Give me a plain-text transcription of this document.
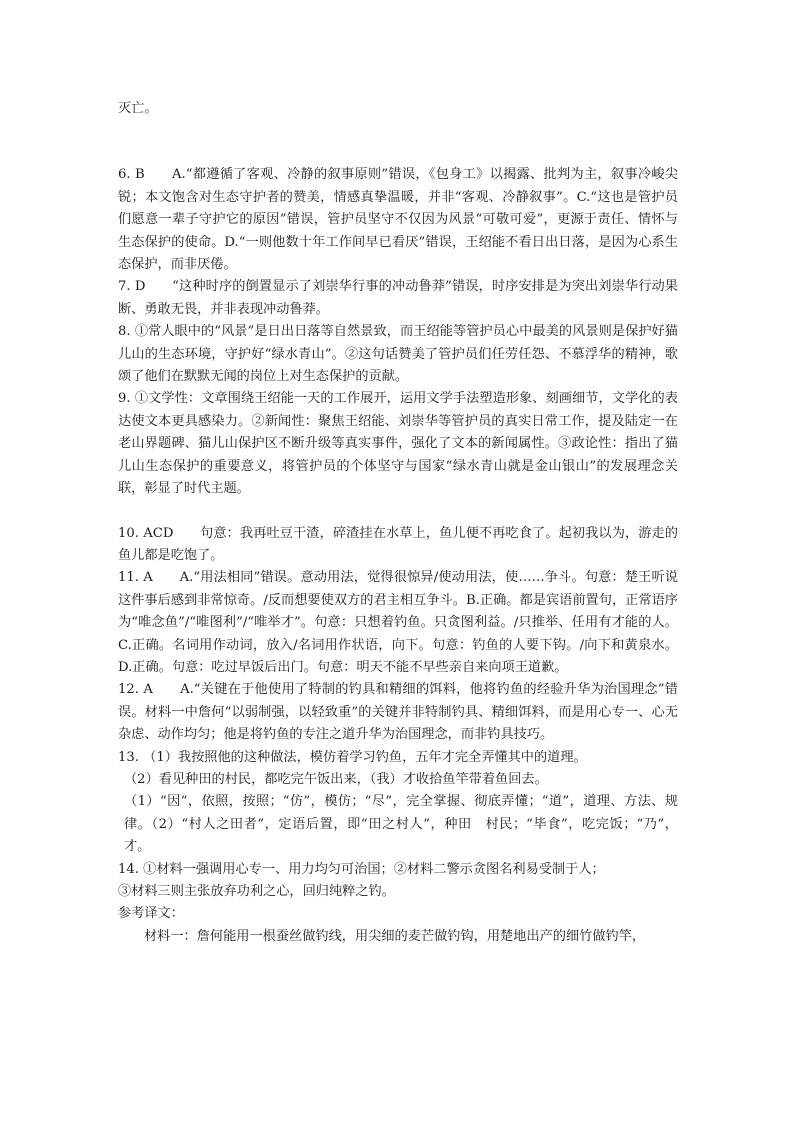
灭亡。

6. B　　A.“都遵循了客观、冷静的叙事原则”错误，《包身工》以揭露、批判为主，叙事冷峻尖锐；本文饱含对生态守护者的赞美，情感真挚温暖，并非“客观、冷静叙事”。C.“这也是管护员们愿意一辈子守护它的原因”错误，管护员坚守不仅因为风景“可敬可爱”，更源于责任、情怀与生态保护的使命。D.“一则他数十年工作间早已看厌”错误，王绍能不看日出日落，是因为心系生态保护，而非厌倦。

7. D　　“这种时序的倒置显示了刘崇华行事的冲动鲁莽”错误，时序安排是为突出刘崇华行动果断、勇敢无畏，并非表现冲动鲁莽。

8. ①常人眼中的“风景”是日出日落等自然景致，而王绍能等管护员心中最美的风景则是保护好猫儿山的生态环境，守护好“绿水青山”。②这句话赞美了管护员们任劳任怨、不慕浮华的精神，歌颂了他们在默默无闻的岗位上对生态保护的贡献。

9. ①文学性：文章围绕王绍能一天的工作展开，运用文学手法塑造形象、刻画细节，文学化的表达使文本更具感染力。②新闻性：聚焦王绍能、刘崇华等管护员的真实日常工作，提及陆定一在老山界题碑、猫儿山保护区不断升级等真实事件，强化了文本的新闻属性。③政论性：指出了猫儿山生态保护的重要意义，将管护员的个体坚守与国家“绿水青山就是金山银山”的发展理念关联，彰显了时代主题。

10. ACD　　句意：我再吐豆干渣，碎渣挂在水草上，鱼儿便不再吃食了。起初我以为，游走的鱼儿都是吃饱了。

11. A　　A.“用法相同”错误。意动用法，觉得很惊异/使动用法，使……争斗。句意：楚王听说这件事后感到非常惊奇。/反而想要使双方的君主相互争斗。B.正确。都是宾语前置句，正常语序为“唯念鱼”/“唯图利”/“唯举才”。句意：只想着钓鱼。只贪图利益。/只推举、任用有才能的人。C.正确。名词用作动词，放入/名词用作状语，向下。句意：钓鱼的人要下钩。/向下和黄泉水。D.正确。句意：吃过早饭后出门。句意：明天不能不早些亲自来向项王道歉。

12. A　　A.“关键在于他使用了特制的钓具和精细的饵料，他将钓鱼的经验升华为治国理念”错误。材料一中詹何“以弱制强，以轻致重”的关键并非特制钓具、精细饵料，而是用心专一、心无杂虑、动作均匀；他是将钓鱼的专注之道升华为治国理念，而非钓具技巧。

13. （1）我按照他的这种做法，模仿着学习钓鱼，五年才完全弄懂其中的道理。

（2）看见种田的村民，都吃完午饭出来，（我）才收拾鱼竿带着鱼回去。

（1）“因”，依照，按照；“仿”，模仿；“尽”，完全掌握、彻底弄懂；“道”，道理、方法、规律。（2）“村人之田者”，定语后置，即“田之村人”，种田　村民；“毕食”，吃完饭；“乃”，才。

14. ①材料一强调用心专一、用力均匀可治国；②材料二警示贪图名利易受制于人；

③材料三则主张放弃功利之心，回归纯粹之钓。

参考译文：

材料一：詹何能用一根蚕丝做钓线，用尖细的麦芒做钓钩，用楚地出产的细竹做钓竿，
